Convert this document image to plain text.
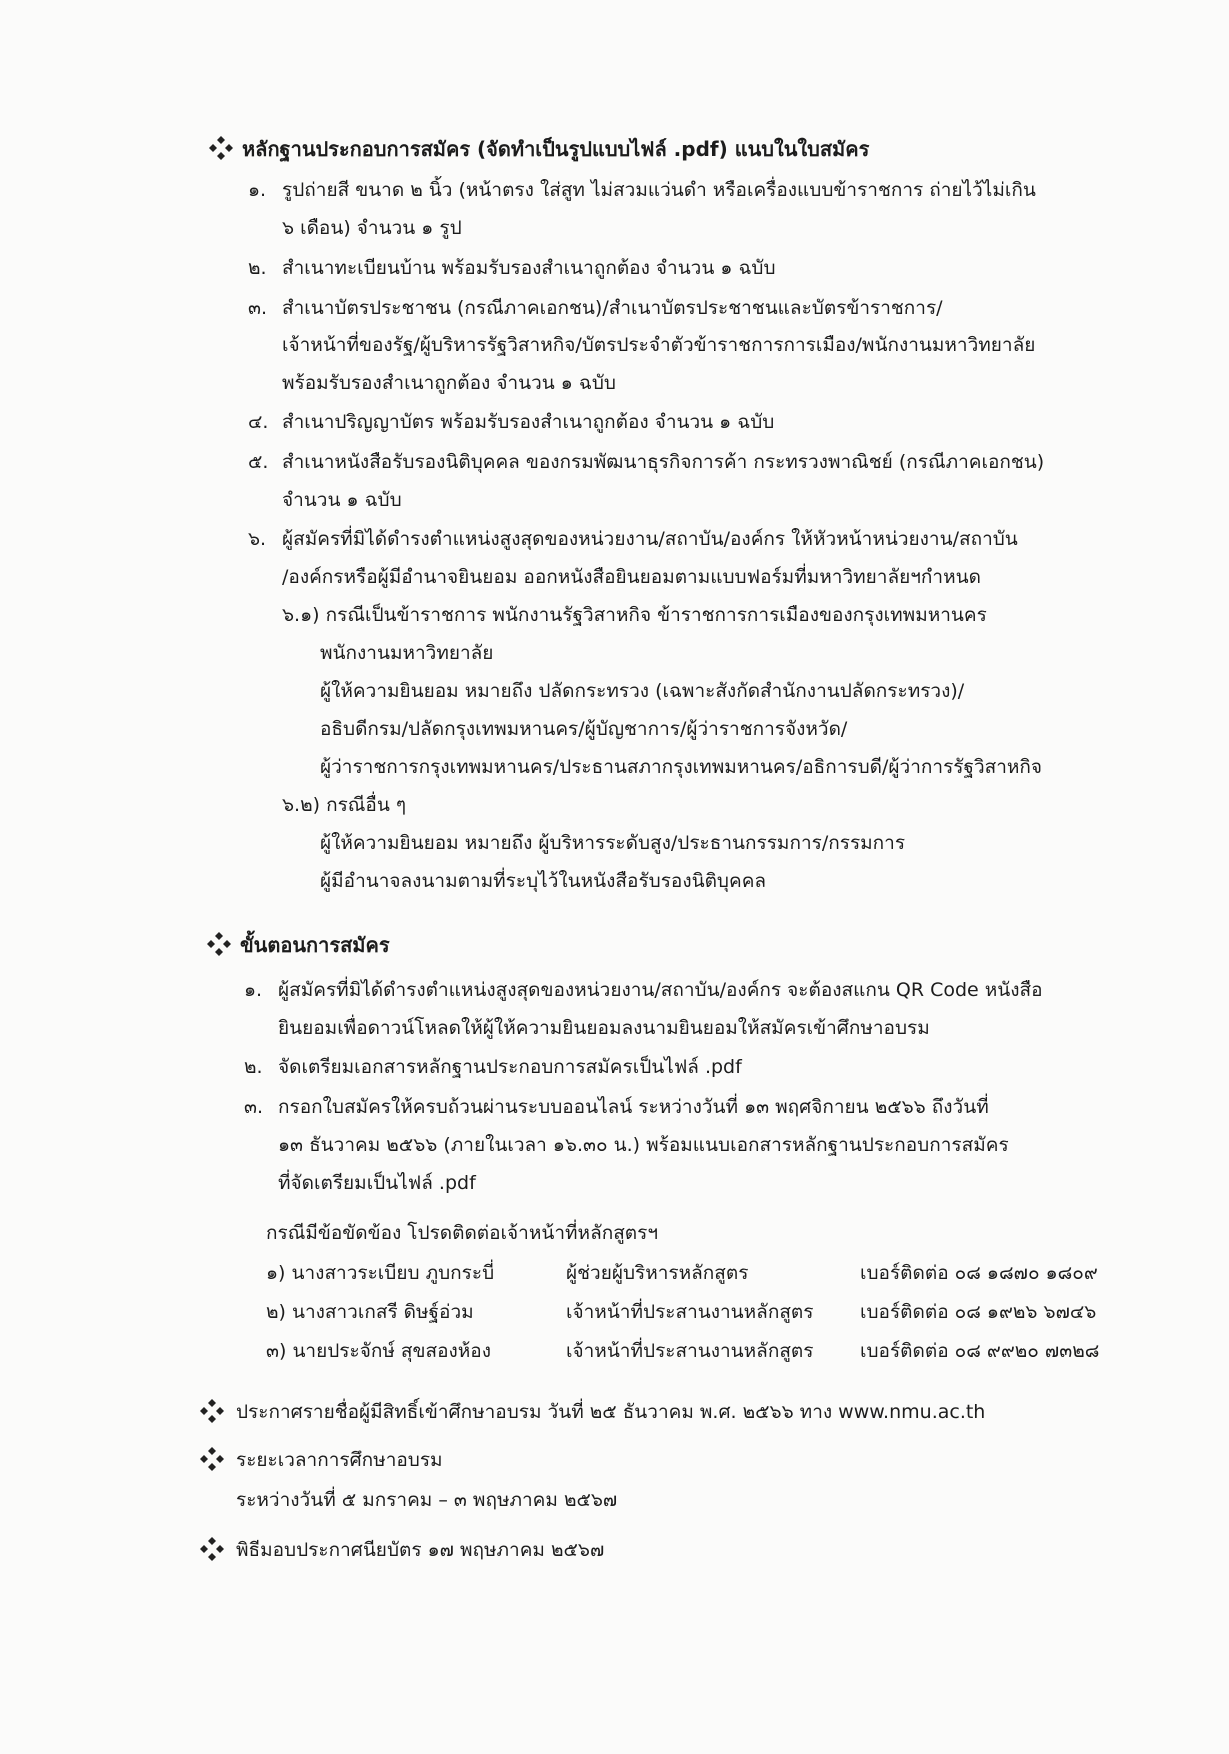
หลักฐานประกอบการสมัคร (จัดทำเป็นรูปแบบไฟล์ .pdf) แนบในใบสมัคร
๑. รูปถ่ายสี ขนาด ๒ นิ้ว (หน้าตรง ใส่สูท ไม่สวมแว่นดำ หรือเครื่องแบบข้าราชการ ถ่ายไว้ไม่เกิน
๖ เดือน) จำนวน ๑ รูป
๒. สำเนาทะเบียนบ้าน พร้อมรับรองสำเนาถูกต้อง จำนวน ๑ ฉบับ
๓. สำเนาบัตรประชาชน (กรณีภาคเอกชน)/สำเนาบัตรประชาชนและบัตรข้าราชการ/
เจ้าหน้าที่ของรัฐ/ผู้บริหารรัฐวิสาหกิจ/บัตรประจำตัวข้าราชการการเมือง/พนักงานมหาวิทยาลัย
พร้อมรับรองสำเนาถูกต้อง จำนวน ๑ ฉบับ
๔. สำเนาปริญญาบัตร พร้อมรับรองสำเนาถูกต้อง จำนวน ๑ ฉบับ
๕. สำเนาหนังสือรับรองนิติบุคคล ของกรมพัฒนาธุรกิจการค้า กระทรวงพาณิชย์ (กรณีภาคเอกชน)
จำนวน ๑ ฉบับ
๖. ผู้สมัครที่มิได้ดำรงตำแหน่งสูงสุดของหน่วยงาน/สถาบัน/องค์กร ให้หัวหน้าหน่วยงาน/สถาบัน
/องค์กรหรือผู้มีอำนาจยินยอม ออกหนังสือยินยอมตามแบบฟอร์มที่มหาวิทยาลัยฯกำหนด
๖.๑) กรณีเป็นข้าราชการ พนักงานรัฐวิสาหกิจ ข้าราชการการเมืองของกรุงเทพมหานคร
พนักงานมหาวิทยาลัย
ผู้ให้ความยินยอม หมายถึง ปลัดกระทรวง (เฉพาะสังกัดสำนักงานปลัดกระทรวง)/
อธิบดีกรม/ปลัดกรุงเทพมหานคร/ผู้บัญชาการ/ผู้ว่าราชการจังหวัด/
ผู้ว่าราชการกรุงเทพมหานคร/ประธานสภากรุงเทพมหานคร/อธิการบดี/ผู้ว่าการรัฐวิสาหกิจ
๖.๒) กรณีอื่น ๆ
ผู้ให้ความยินยอม หมายถึง ผู้บริหารระดับสูง/ประธานกรรมการ/กรรมการ
ผู้มีอำนาจลงนามตามที่ระบุไว้ในหนังสือรับรองนิติบุคคล
ขั้นตอนการสมัคร
๑. ผู้สมัครที่มิได้ดำรงตำแหน่งสูงสุดของหน่วยงาน/สถาบัน/องค์กร จะต้องสแกน QR Code หนังสือ
ยินยอมเพื่อดาวน์โหลดให้ผู้ให้ความยินยอมลงนามยินยอมให้สมัครเข้าศึกษาอบรม
๒. จัดเตรียมเอกสารหลักฐานประกอบการสมัครเป็นไฟล์ .pdf
๓. กรอกใบสมัครให้ครบถ้วนผ่านระบบออนไลน์ ระหว่างวันที่ ๑๓ พฤศจิกายน ๒๕๖๖ ถึงวันที่
๑๓ ธันวาคม ๒๕๖๖ (ภายในเวลา ๑๖.๓๐ น.) พร้อมแนบเอกสารหลักฐานประกอบการสมัคร
ที่จัดเตรียมเป็นไฟล์ .pdf
กรณีมีข้อขัดข้อง โปรดติดต่อเจ้าหน้าที่หลักสูตรฯ
๑) นางสาวระเบียบ ภูบกระบี่	ผู้ช่วยผู้บริหารหลักสูตร	เบอร์ติดต่อ ๐๘ ๑๘๗๐ ๑๘๐๙
๒) นางสาวเกสรี ดิษฐ์อ่วม	เจ้าหน้าที่ประสานงานหลักสูตร เบอร์ติดต่อ ๐๘ ๑๙๒๖ ๖๗๔๖
๓) นายประจักษ์ สุขสองห้อง	เจ้าหน้าที่ประสานงานหลักสูตร เบอร์ติดต่อ ๐๘ ๙๙๒๐ ๗๓๒๘
ประกาศรายชื่อผู้มีสิทธิ์เข้าศึกษาอบรม วันที่ ๒๕ ธันวาคม พ.ศ. ๒๕๖๖ ทาง www.nmu.ac.th
ระยะเวลาการศึกษาอบรม
ระหว่างวันที่ ๕ มกราคม – ๓ พฤษภาคม ๒๕๖๗
พิธีมอบประกาศนียบัตร ๑๗ พฤษภาคม ๒๕๖๗
